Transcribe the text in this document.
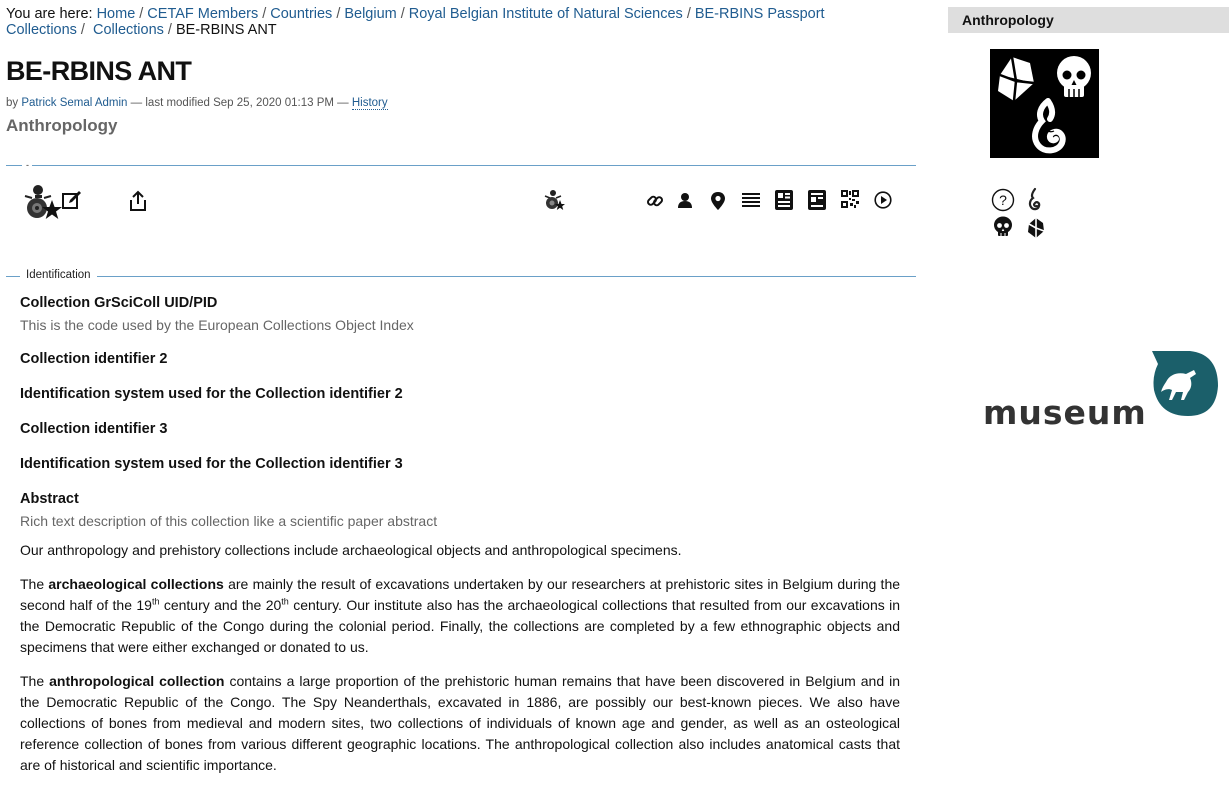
You are here: Home / CETAF Members / Countries / Belgium / Royal Belgian Institute of Natural Sciences / BE-RBINS Passport Collections / Collections / BE-RBINS ANT
BE-RBINS ANT
by Patrick Semal Admin — last modified Sep 25, 2020 01:13 PM — History
Anthropology
-
Identification
Collection GrSciColl UID/PID
This is the code used by the European Collections Object Index
Collection identifier 2
Identification system used for the Collection identifier 2
Collection identifier 3
Identification system used for the Collection identifier 3
Abstract
Rich text description of this collection like a scientific paper abstract

Our anthropology and prehistory collections include archaeological objects and anthropological specimens.

The archaeological collections are mainly the result of excavations undertaken by our researchers at prehistoric sites in Belgium during the second half of the 19th century and the 20th century. Our institute also has the archaeological collections that resulted from our excavations in the Democratic Republic of the Congo during the colonial period. Finally, the collections are completed by a few ethnographic objects and specimens that were either exchanged or donated to us.

The anthropological collection contains a large proportion of the prehistoric human remains that have been discovered in Belgium and in the Democratic Republic of the Congo. The Spy Neanderthals, excavated in 1886, are possibly our best-known pieces. We also have collections of bones from medieval and modern sites, two collections of individuals of known age and gender, as well as an osteological reference collection of bones from various different geographic locations. The anthropological collection also includes anatomical casts that are of historical and scientific importance.

Anthropology
?
museum
